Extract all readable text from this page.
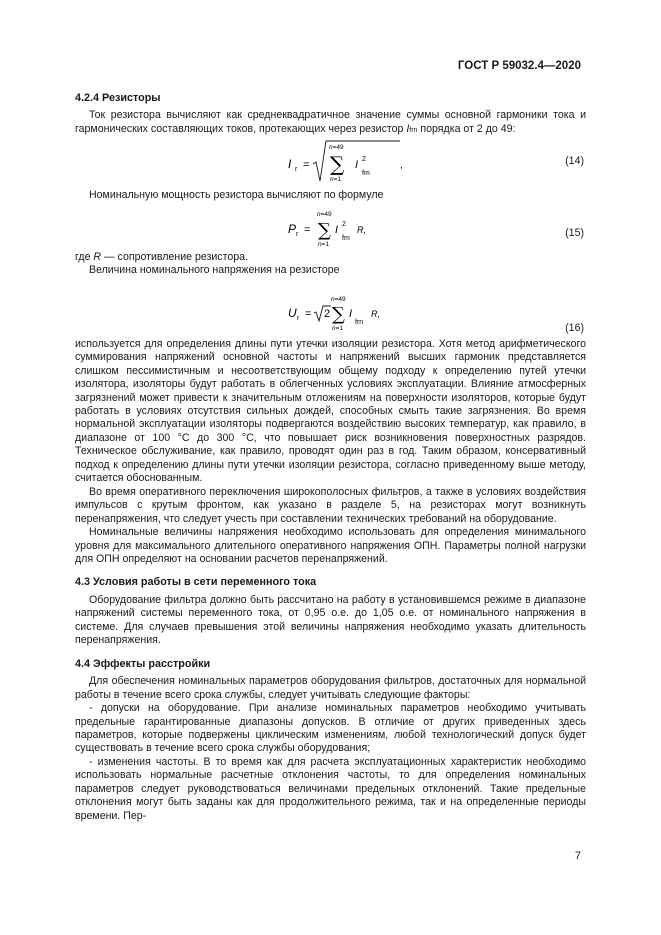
ГОСТ Р 59032.4—2020
4.2.4 Резисторы

Ток резистора вычисляют как среднеквадратичное значение суммы основной гармоники тока и гармонических составляющих токов, протекающих через резистор Ifrn порядка от 2 до 49:

I r =
n=49
∑
n=1
I 2
fm
,	(14)

Номинальную мощность резистора вычисляют по формуле

P r =
n=49
∑
n=1
I 2
fm
R,	(15)

где R — сопротивление резистора.

Величина номинального напряжения на резисторе

U r = 2
n=49
∑
n=1
I
frn
R,
(16)

используется для определения длины пути утечки изоляции резистора. Хотя метод арифметического суммирования напряжений основной частоты и напряжений высших гармоник представляется слишком пессимистичным и несоответствующим общему подходу к определению путей утечки изолятора, изоляторы будут работать в облегченных условиях эксплуатации. Влияние атмосферных загрязнений может привести к значительным отложениям на поверхности изоляторов, которые будут работать в условиях отсутствия сильных дождей, способных смыть такие загрязнения. Во время нормальной эксплуатации изоляторы подвергаются воздействию высоких температур, как правило, в диапазоне от 100 °С до 300 °С, что повышает риск возникновения поверхностных разрядов. Техническое обслуживание, как правило, проводят один раз в год. Таким образом, консервативный подход к определению длины пути утечки изоляции резистора, согласно приведенному выше методу, считается обоснованным.

Во время оперативного переключения широкополосных фильтров, а также в условиях воздействия импульсов с крутым фронтом, как указано в разделе 5, на резисторах могут возникнуть перенапряжения, что следует учесть при составлении технических требований на оборудование.

Номинальные величины напряжения необходимо использовать для определения минимального уровня для максимального длительного оперативного напряжения ОПН. Параметры полной нагрузки для ОПН определяют на основании расчетов перенапряжений.

4.3 Условия работы в сети переменного тока

Оборудование фильтра должно быть рассчитано на работу в установившемся режиме в диапазоне напряжений системы переменного тока, от 0,95 о.е. до 1,05 о.е. от номинального напряжения в системе. Для случаев превышения этой величины напряжения необходимо указать длительность перенапряжения.

4.4 Эффекты расстройки

Для обеспечения номинальных параметров оборудования фильтров, достаточных для нормальной работы в течение всего срока службы, следует учитывать следующие факторы:

- допуски на оборудование. При анализе номинальных параметров необходимо учитывать предельные гарантированные диапазоны допусков. В отличие от других приведенных здесь параметров, которые подвержены циклическим изменениям, любой технологический допуск будет существовать в течение всего срока службы оборудования;

- изменения частоты. В то время как для расчета эксплуатационных характеристик необходимо использовать нормальные расчетные отклонения частоты, то для определения номинальных параметров следует руководствоваться величинами предельных отклонений. Такие предельные отклонения могут быть заданы как для продолжительного режима, так и на определенные периоды времени. Пер-

7
